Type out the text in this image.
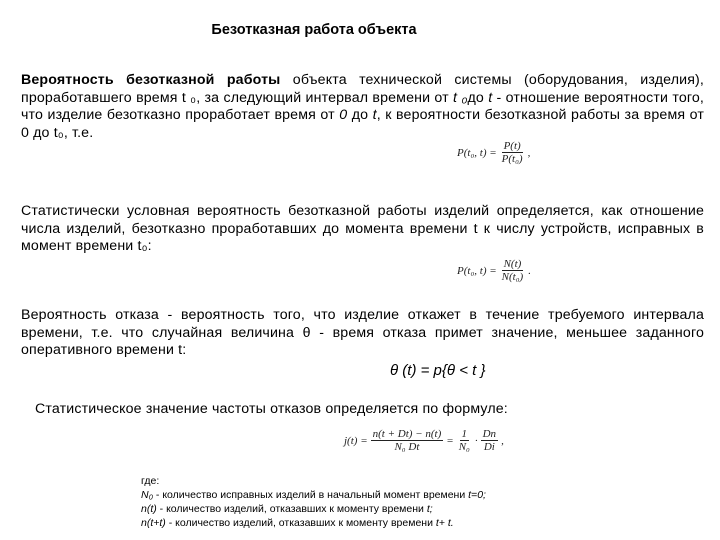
Безотказная работа объекта
Вероятность безотказной работы объекта технической системы (оборудования, изделия), проработавшего время t ₀, за следующий интервал времени от t ₀до t - отношение вероятности того, что изделие безотказно проработает время от 0 до t, к вероятности безотказной работы за время от 0 до t₀, т.е.
P(t₀, $t) = \frac{P(t)}{\text{P(t₀)}}$ ,
Статистически условная вероятность безотказной работы изделий определяется, как отношение числа изделий, безотказно проработавших до момента времени t к числу устройств, исправных в момент времени t₀:
P(t₀, $t) = \frac{N(t)}{\text{N(t₀)}}$ .
Вероятность отказа - вероятность того, что изделие откажет в течение требуемого интервала времени, т.е. что случайная величина θ - время отказа примет значение, меньшее заданного оперативного времени t:
θ (t) = p{θ < t }
Статистическое значение частоты отказов определяется по формуле:
$j(t) = \frac{n(t + Dt) - n(t)}{\text{N₀ Dt}} = \frac{1}{\text{N₀}} \cdot \frac{Dn}{Di}$ ,
где:
N₀ - количество исправных изделий в начальный момент времени t=0;
n(t) - количество изделий, отказавших к моменту времени t;
n(t+t) - количество изделий, отказавших к моменту времени t+ t.
